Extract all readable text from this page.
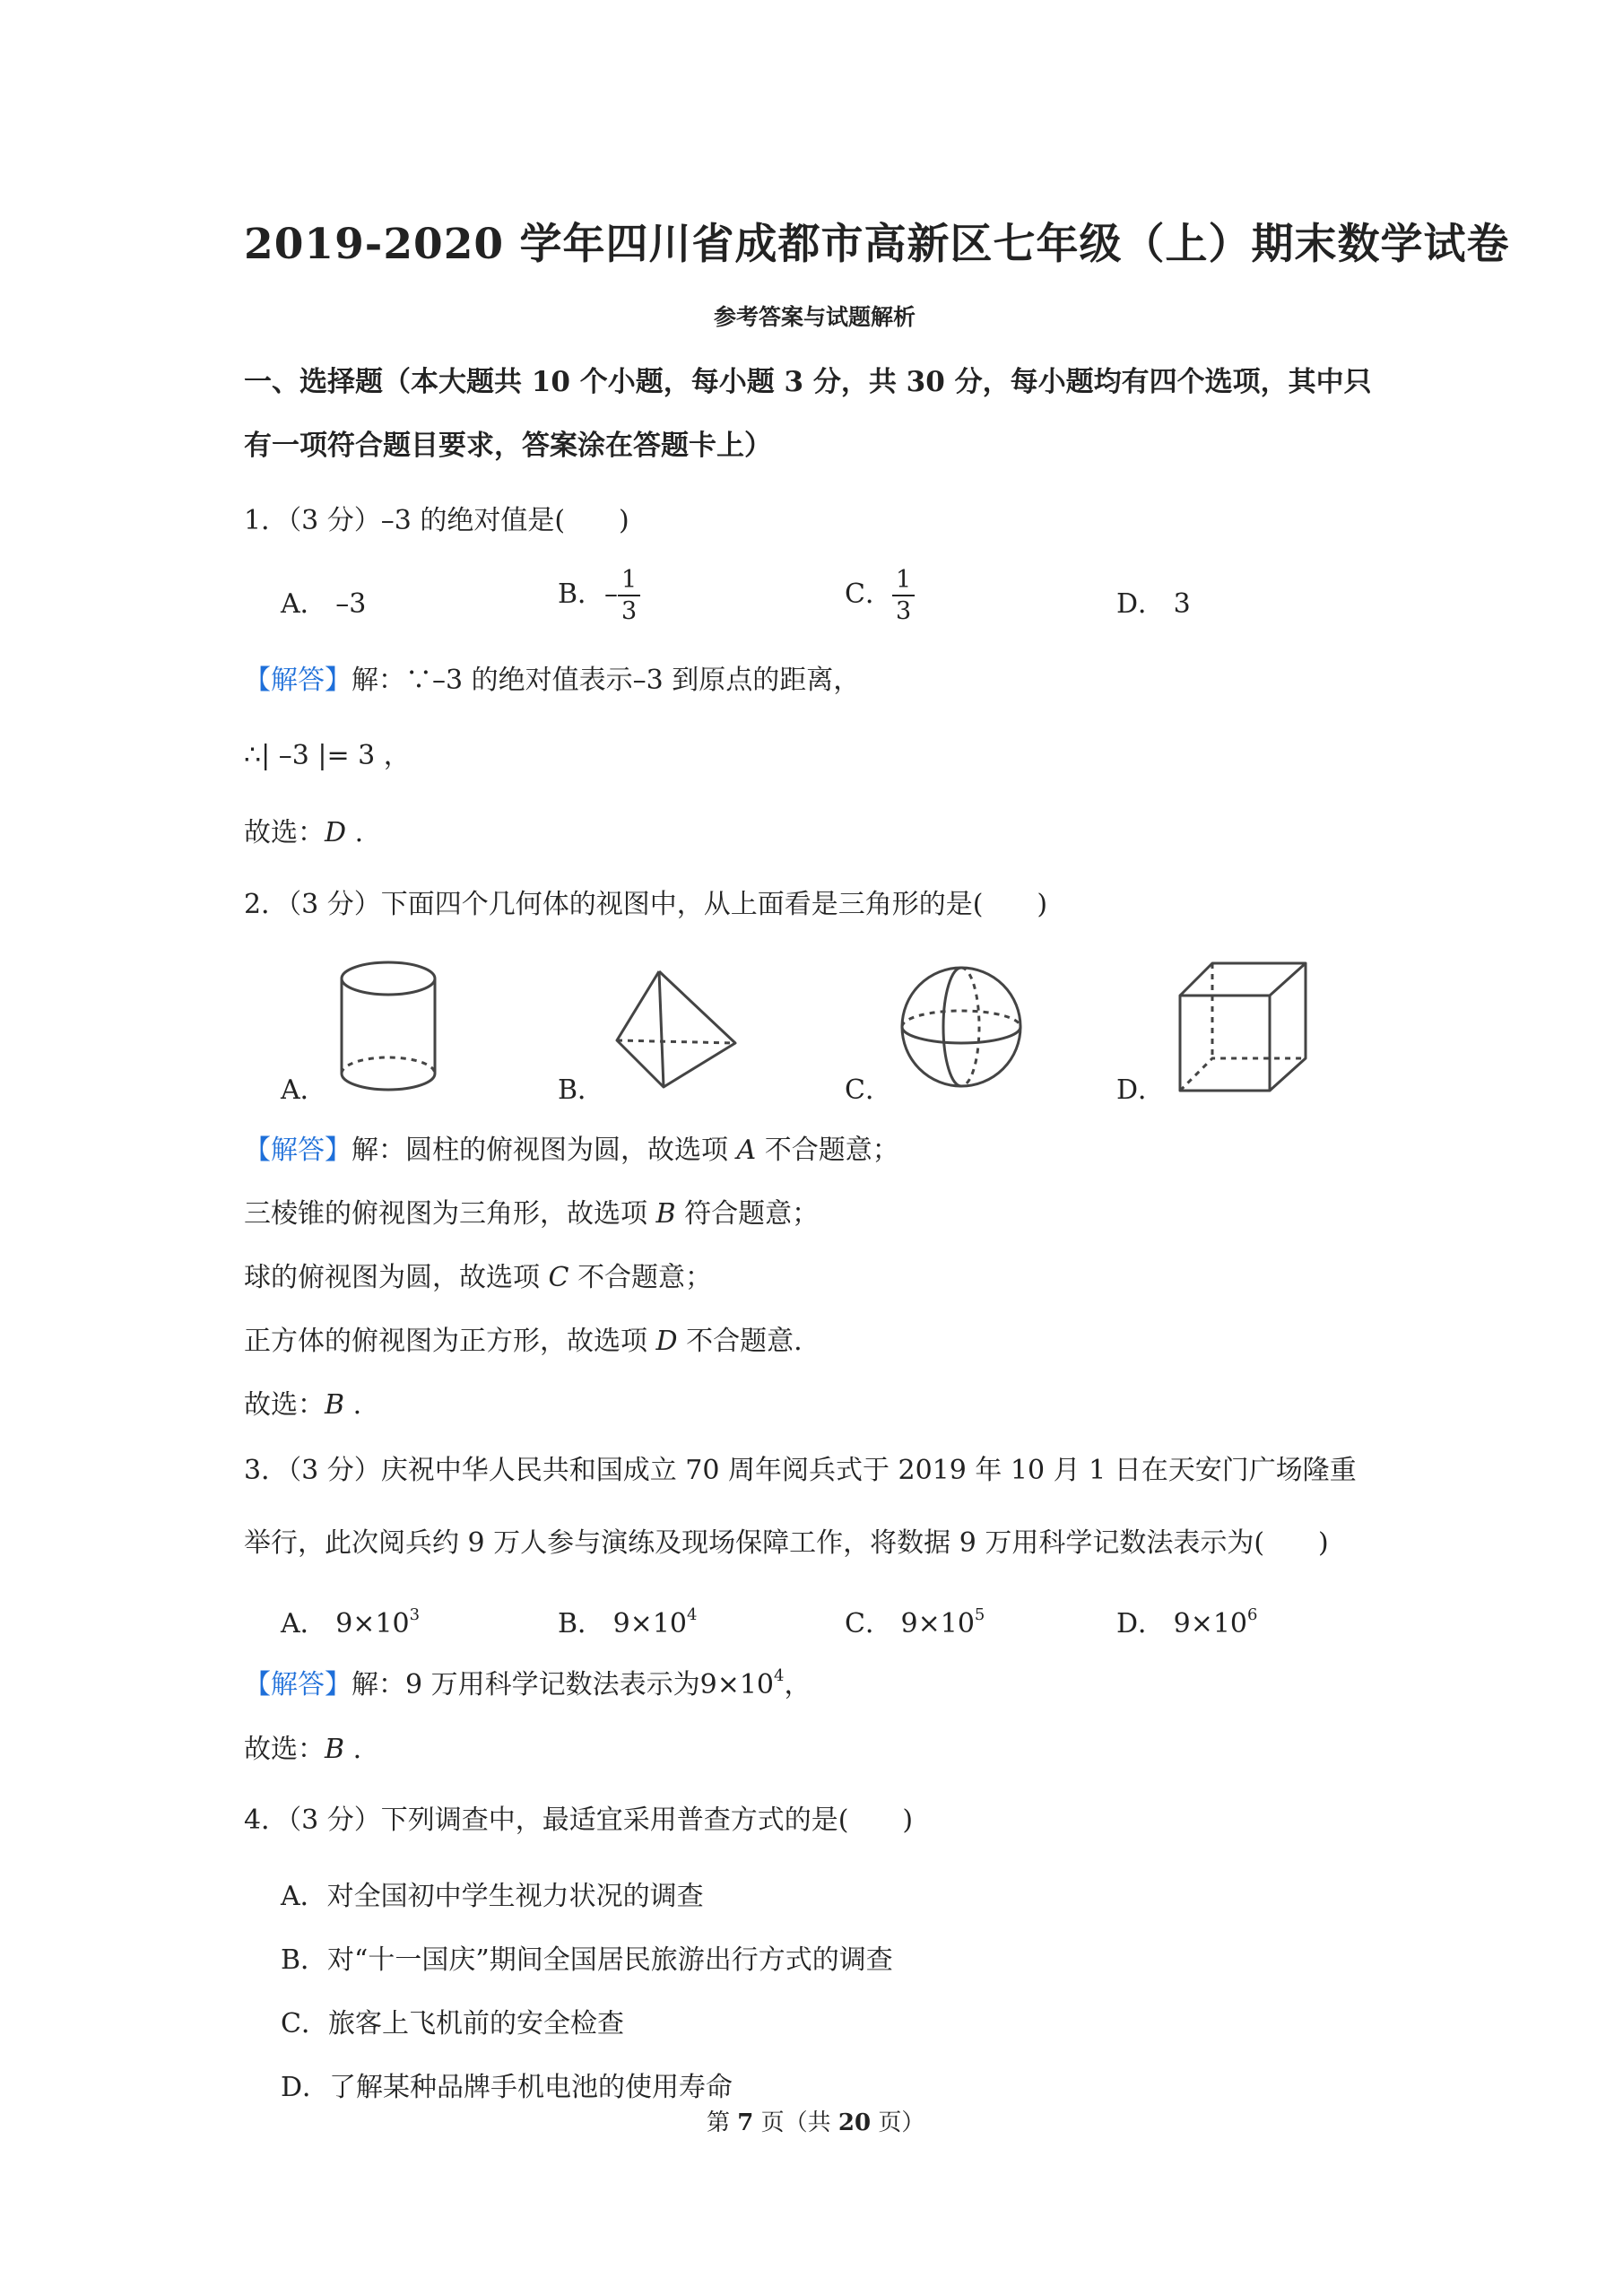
2019-2020 学年四川省成都市高新区七年级（上）期末数学试卷
参考答案与试题解析
一、选择题（本大题共 10 个小题，每小题 3 分，共 30 分，每小题均有四个选项，其中只
有一项符合题目要求，答案涂在答题卡上）
1．（3 分）–3 的绝对值是(　　)
A． –3	B．– $\frac{1}{3}$	C． $\frac{1}{3}$	D． 3
【解答】解：∵–3 的绝对值表示–3 到原点的距离，
∴| –3 |= 3 ，
故选：D .
2．（3 分）下面四个几何体的视图中，从上面看是三角形的是(　　)
A．	B．	C．	D．
【解答】解：圆柱的俯视图为圆，故选项 A 不合题意；
三棱锥的俯视图为三角形，故选项 B 符合题意；
球的俯视图为圆，故选项 C 不合题意；
正方体的俯视图为正方形，故选项 D 不合题意.
故选：B .
3．（3 分）庆祝中华人民共和国成立 70 周年阅兵式于 2019 年 10 月 1 日在天安门广场隆重
举行，此次阅兵约 9 万人参与演练及现场保障工作，将数据 9 万用科学记数法表示为(　　)
A． $9\times 10^3$	B． $9\times 10^4$	C． $9\times 10^5$	D． $9\times 10^6$
【解答】解：9 万用科学记数法表示为$9\times 10^4$，
故选：B .
4．（3 分）下列调查中，最适宜采用普查方式的是(　　)
A．对全国初中学生视力状况的调查
B．对“十一国庆”期间全国居民旅游出行方式的调查
C．旅客上飞机前的安全检查
D．了解某种品牌手机电池的使用寿命
第 7 页（共 20 页）
